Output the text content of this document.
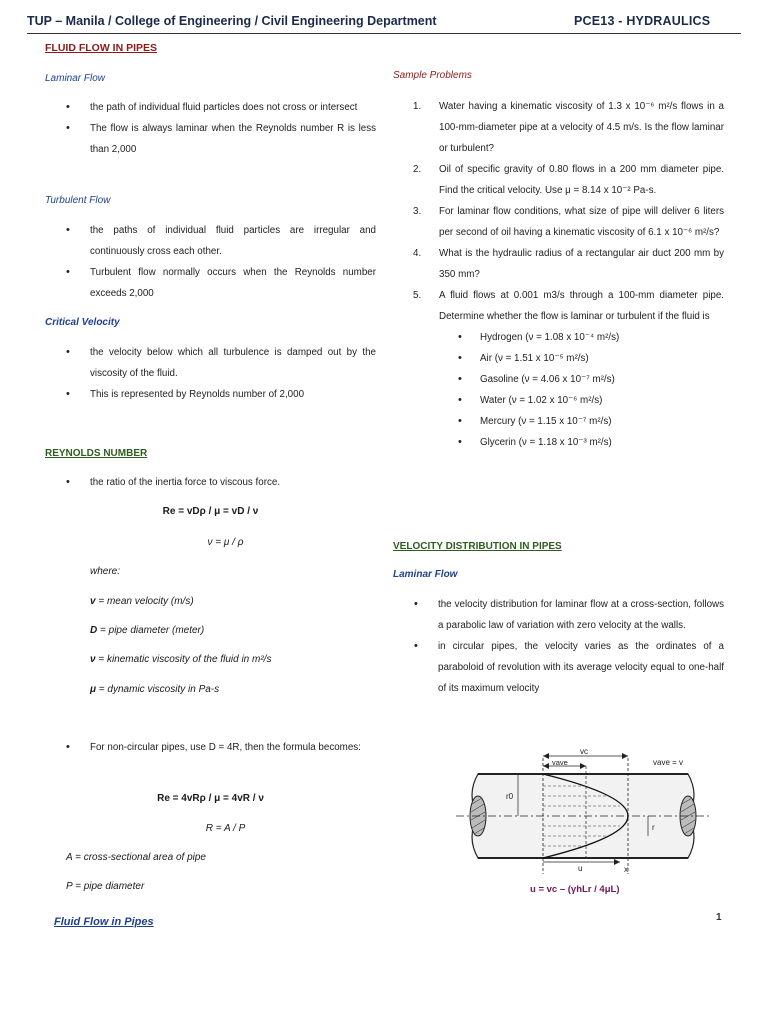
TUP – Manila / College of Engineering / Civil Engineering Department	PCE13 - HYDRAULICS
FLUID FLOW IN PIPES
Laminar Flow
• the path of individual fluid particles does not cross or intersect
• The flow is always laminar when the Reynolds number R is less than 2,000
Turbulent Flow
• the paths of individual fluid particles are irregular and continuously cross each other.
• Turbulent flow normally occurs when the Reynolds number exceeds 2,000
Critical Velocity
• the velocity below which all turbulence is damped out by the viscosity of the fluid.
• This is represented by Reynolds number of 2,000
REYNOLDS NUMBER
• the ratio of the inertia force to viscous force.
Re = vDρ / μ = vD / ν
ν = μ / ρ
where:
v = mean velocity (m/s)
D = pipe diameter (meter)
ν = kinematic viscosity of the fluid in m²/s
μ = dynamic viscosity in Pa-s
• For non-circular pipes, use D = 4R, then the formula becomes:
Re = 4vRρ / μ = 4vR / ν
R = A / P
A = cross-sectional area of pipe
P = pipe diameter
Sample Problems
1. Water having a kinematic viscosity of 1.3 x 10⁻⁶ m²/s flows in a 100-mm-diameter pipe at a velocity of 4.5 m/s. Is the flow laminar or turbulent?
2. Oil of specific gravity of 0.80 flows in a 200 mm diameter pipe. Find the critical velocity. Use μ = 8.14 x 10⁻² Pa-s.
3. For laminar flow conditions, what size of pipe will deliver 6 liters per second of oil having a kinematic viscosity of 6.1 x 10⁻⁶ m²/s?
4. What is the hydraulic radius of a rectangular air duct 200 mm by 350 mm?
5. A fluid flows at 0.001 m3/s through a 100-mm diameter pipe. Determine whether the flow is laminar or turbulent if the fluid is
• Hydrogen (ν = 1.08 x 10⁻⁴ m²/s)
• Air (ν = 1.51 x 10⁻⁵ m²/s)
• Gasoline (ν = 4.06 x 10⁻⁷ m²/s)
• Water (ν = 1.02 x 10⁻⁶ m²/s)
• Mercury (ν = 1.15 x 10⁻⁷ m²/s)
• Glycerin (ν = 1.18 x 10⁻³ m²/s)
VELOCITY DISTRIBUTION IN PIPES
Laminar Flow
• the velocity distribution for laminar flow at a cross-section, follows a parabolic law of variation with zero velocity at the walls.
• in circular pipes, the velocity varies as the ordinates of a paraboloid of revolution with its average velocity equal to one-half of its maximum velocity
vc
vave	vave = v
r0
r
u	x
u = vc – (γhLr / 4μL)
Fluid Flow in Pipes	1
